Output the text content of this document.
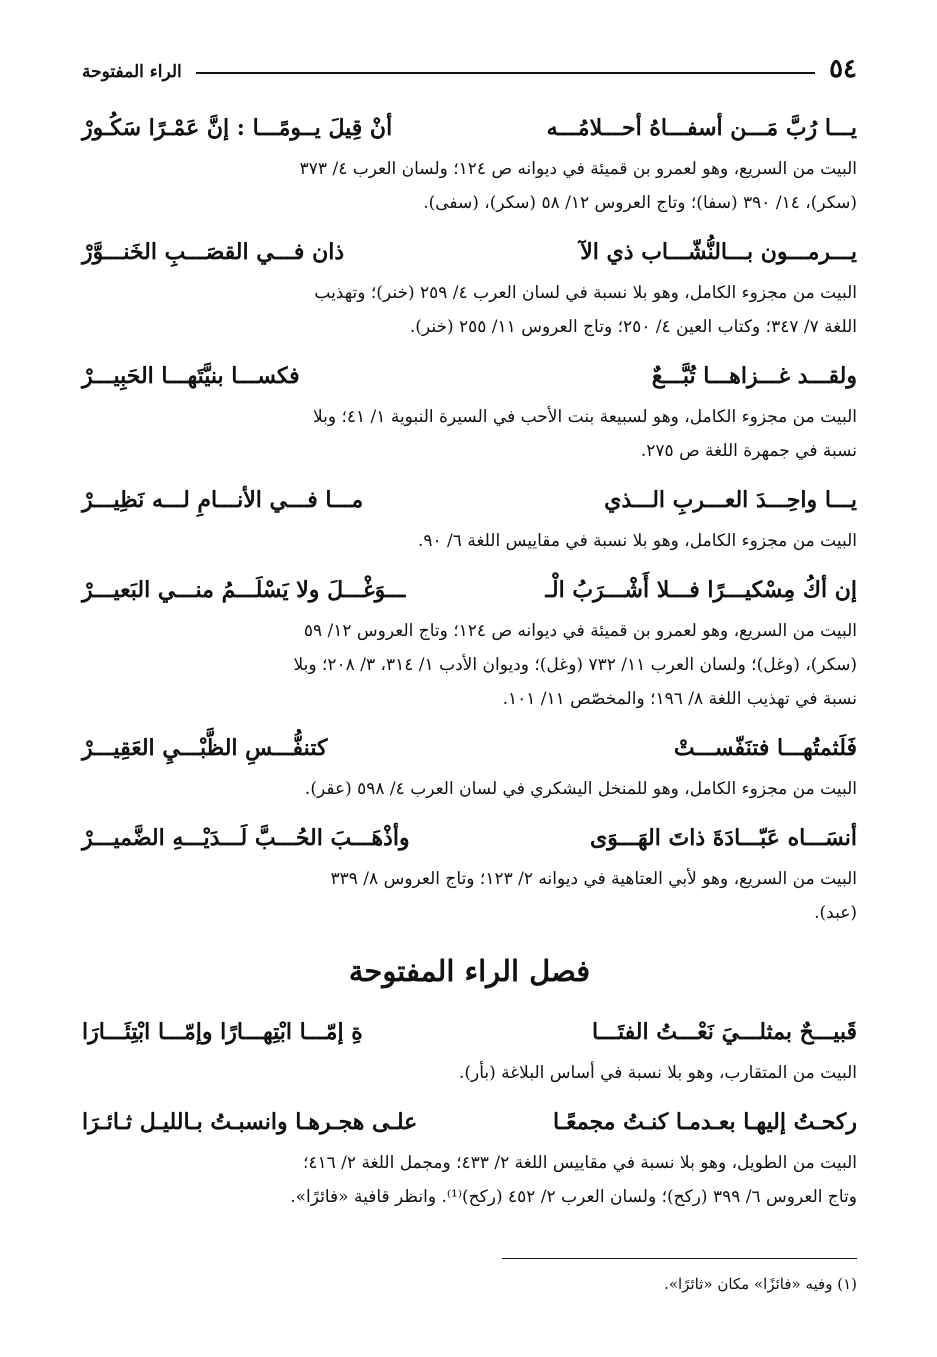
٥٤
الراء المفتوحة
يـــا رُبَّ مَـــن أسفـــاهُ أحـــلامُـــه
أنْ قِيلَ يــومًـــا : إنَّ عَمْـرًا سَكُـورْ

البيت من السريع، وهو لعمرو بن قميئة في ديوانه ص ١٢٤؛ ولسان العرب ٤/ ٣٧٣

(سكر)، ١٤/ ٣٩٠ (سفا)؛ وتاج العروس ١٢/ ٥٨ (سكر)، (سفى).

يـــرمـــون بـــالنُّشّـــاب ذي الآ
ذان فـــي القصَـــبِ الخَنـــوَّرْ

البيت من مجزوء الكامل، وهو بلا نسبة في لسان العرب ٤/ ٢٥٩ (خنر)؛ وتهذيب

اللغة ٧/ ٣٤٧؛ وكتاب العين ٤/ ٢٥٠؛ وتاج العروس ١١/ ٢٥٥ (خنر).

ولقـــد غـــزاهـــا تُبَّـــعٌ
فكســـا بنيَّتَهـــا الحَبِيـــرْ

البيت من مجزوء الكامل، وهو لسبيعة بنت الأحب في السيرة النبوية ١/ ٤١؛ وبلا

نسبة في جمهرة اللغة ص ٢٧٥.

يـــا واحِـــدَ العـــربِ الـــذي
مـــا فـــي الأنـــامِ لـــه نَظِيـــرْ

البيت من مجزوء الكامل، وهو بلا نسبة في مقاييس اللغة ٦/ ٩٠.

إن أكُ مِسْكيـــرًا فـــلا أَشْـــرَبُ الْـ
ـــوَغْـــلَ ولا يَسْلَـــمُ منـــي البَعيـــرْ

البيت من السريع، وهو لعمرو بن قميئة في ديوانه ص ١٢٤؛ وتاج العروس ١٢/ ٥٩

(سكر)، (وغل)؛ ولسان العرب ١١/ ٧٣٢ (وغل)؛ وديوان الأدب ١/ ٣١٤، ٣/ ٢٠٨؛ وبلا

نسبة في تهذيب اللغة ٨/ ١٩٦؛ والمخصّص ١١/ ١٠١.

فَلَثمتُهـــا فتنَفّســـتْ
كتنفُّـــسِ الظَّبْـــيِ العَقِيـــرْ

البيت من مجزوء الكامل، وهو للمنخل اليشكري في لسان العرب ٤/ ٥٩٨ (عقر).

أنسَـــاه عَبّـــادَةَ ذاتَ الهَـــوَى
وأذْهَـــبَ الحُـــبَّ لَـــدَيْـــهِ الضَّميـــرْ

البيت من السريع، وهو لأبي العتاهية في ديوانه ٢/ ١٢٣؛ وتاج العروس ٨/ ٣٣٩

(عبد).

فصل الراء المفتوحة
قَبيـــحٌ بمثلـــيَ نَعْـــتُ الفتَـــا
ةِ إمّـــا ابْتِهـــارًا وإمّـــا ابْتِئَـــارَا

البيت من المتقارب، وهو بلا نسبة في أساس البلاغة (بأر).

ركحـتُ إليهـا بعـدمـا كنـتُ مجمعًـا
علـى هجـرهـا وانسبـتُ بـالليـل ثـائـرَا

البيت من الطويل، وهو بلا نسبة في مقاييس اللغة ٢/ ٤٣٣؛ ومجمل اللغة ٢/ ٤١٦؛

وتاج العروس ٦/ ٣٩٩ (ركح)؛ ولسان العرب ٢/ ٤٥٢ (ركح)⁽¹⁾. وانظر قافية «فائرًا».

(١) وفيه «فائزًا» مكان «ثائرًا».
